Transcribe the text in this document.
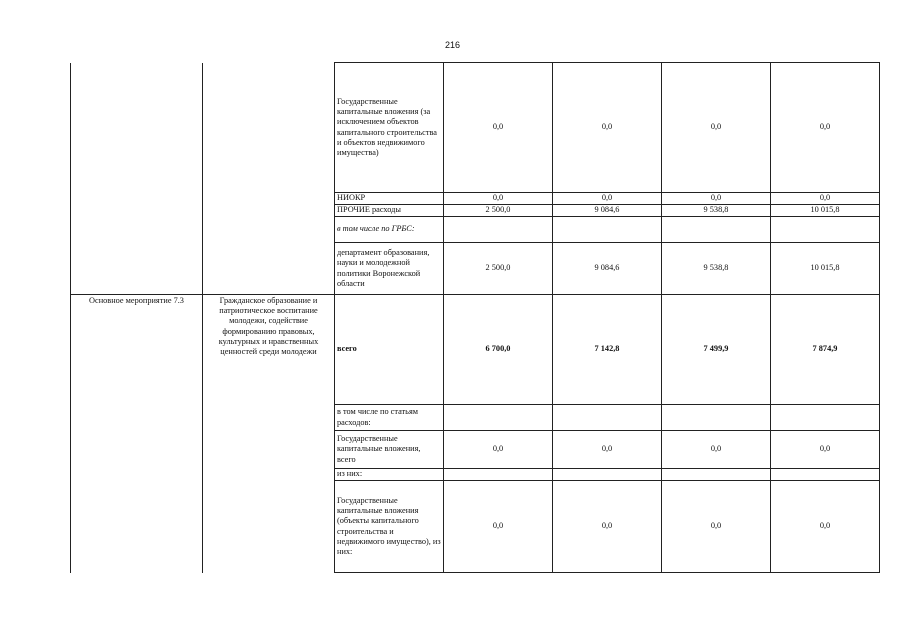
216
		Государственные капитальные вложения (за исключением объектов капитального строительства и объектов недвижимого имущества)	0,0	0,0	0,0	0,0
		НИОКР	0,0	0,0	0,0	0,0
		ПРОЧИЕ расходы	2 500,0	9 084,6	9 538,8	10 015,8
		в том числе по ГРБС:				
		департамент образования, науки и молодежной политики Воронежской области	2 500,0	9 084,6	9 538,8	10 015,8
Основное мероприятие 7.3	Гражданское образование и патриотическое воспитание молодежи, содействие формированию правовых, культурных и нравственных ценностей среди молодежи	всего	6 700,0	7 142,8	7 499,9	7 874,9
		в том числе по статьям расходов:				
		Государственные капитальные вложения, всего	0,0	0,0	0,0	0,0
		из них:				
		Государственные капитальные вложения (объекты капитального строительства и недвижимого имущество), из них:	0,0	0,0	0,0	0,0
